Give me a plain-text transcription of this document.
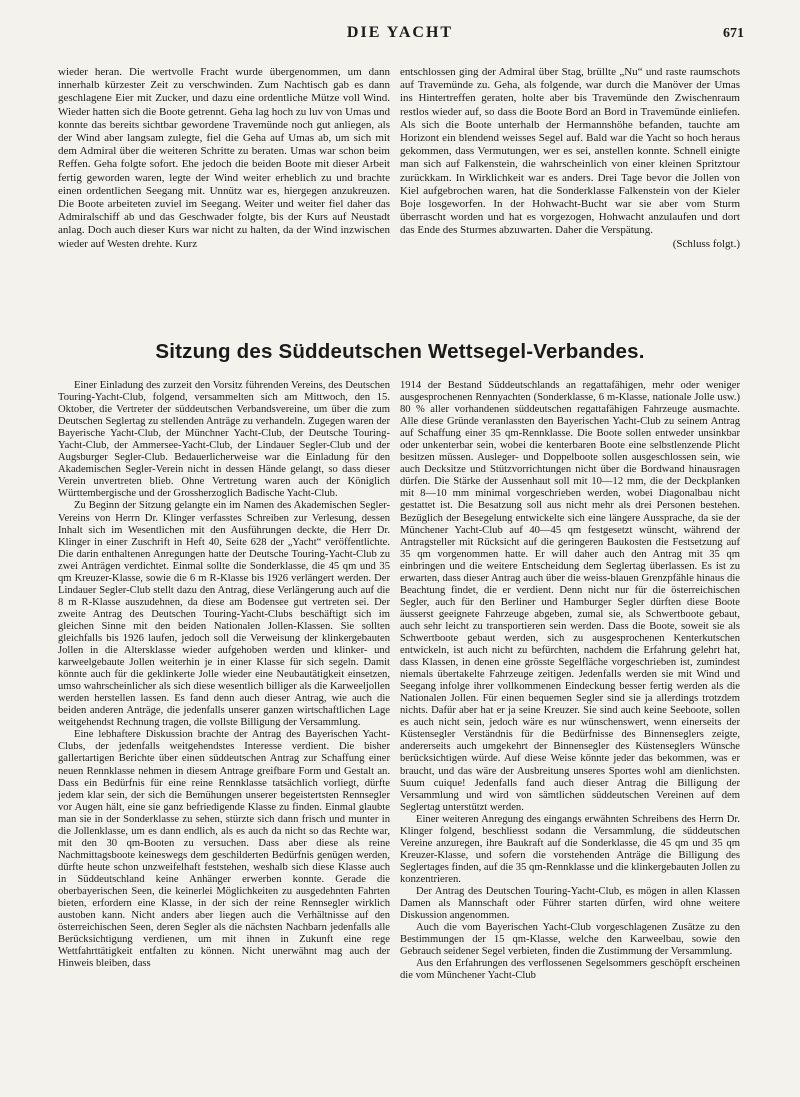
DIE YACHT	671

wieder heran. Die wertvolle Fracht wurde übergenommen, um dann innerhalb kürzester Zeit zu verschwinden. Zum Nachtisch gab es dann geschlagene Eier mit Zucker, und dazu eine ordentliche Mütze voll Wind. Wieder hatten sich die Boote getrennt. Geha lag hoch zu luv von Umas und konnte das bereits sichtbar gewordene Travemünde noch gut anliegen, als der Wind aber langsam zulegte, fiel die Geha auf Umas ab, um sich mit dem Admiral über die weiteren Schritte zu beraten. Umas war schon beim Reffen. Geha folgte sofort. Ehe jedoch die beiden Boote mit dieser Arbeit fertig geworden waren, legte der Wind weiter erheblich zu und brachte einen ordentlichen Seegang mit. Unnütz war es, hiergegen anzukreuzen. Die Boote arbeiteten zuviel im Seegang. Weiter und weiter fiel daher das Admiralschiff ab und das Geschwader folgte, bis der Kurs auf Neustadt anlag. Doch auch dieser Kurs war nicht zu halten, da der Wind inzwischen wieder auf Westen drehte. Kurz

entschlossen ging der Admiral über Stag, brüllte „Nu“ und raste raumschots auf Travemünde zu. Geha, als folgende, war durch die Manöver der Umas ins Hintertreffen geraten, holte aber bis Travemünde den Zwischenraum restlos wieder auf, so dass die Boote Bord an Bord in Travemünde einliefen. Als sich die Boote unterhalb der Hermannshöhe befanden, tauchte am Horizont ein blendend weisses Segel auf. Bald war die Yacht so hoch heraus gekommen, dass Vermutungen, wer es sei, anstellen konnte. Schnell einigte man sich auf Falkenstein, die wahrscheinlich von einer kleinen Spritztour zurückkam. In Wirklichkeit war es anders. Drei Tage bevor die Jollen von Kiel aufgebrochen waren, hat die Sonderklasse Falkenstein von der Kieler Boje losgeworfen. In der Hohwacht-Bucht war sie aber vom Sturm überrascht worden und hat es vorgezogen, Hohwacht anzulaufen und dort das Ende des Sturmes abzuwarten. Daher die Verspätung.

(Schluss folgt.)
Sitzung des Süddeutschen Wettsegel-Verbandes.

Einer Einladung des zurzeit den Vorsitz führenden Vereins, des Deutschen Touring-Yacht-Club, folgend, versammelten sich am Mittwoch, den 15. Oktober, die Vertreter der süddeutschen Verbandsvereine, um über die zum Deutschen Seglertag zu stellenden Anträge zu verhandeln. Zugegen waren der Bayerische Yacht-Club, der Münchner Yacht-Club, der Deutsche Touring-Yacht-Club, der Ammersee-Yacht-Club, der Lindauer Segler-Club und der Augsburger Segler-Club. Bedauerlicherweise war die Einladung für den Akademischen Segler-Verein nicht in dessen Hände gelangt, so dass dieser Verein unvertreten blieb. Ohne Vertretung waren auch der Königlich Württembergische und der Grossherzoglich Badische Yacht-Club.

Zu Beginn der Sitzung gelangte ein im Namen des Akademischen Segler-Vereins von Herrn Dr. Klinger verfasstes Schreiben zur Verlesung, dessen Inhalt sich im Wesentlichen mit den Ausführungen deckte, die Herr Dr. Klinger in einer Zuschrift in Heft 40, Seite 628 der „Yacht“ veröffentlichte. Die darin enthaltenen Anregungen hatte der Deutsche Touring-Yacht-Club zu zwei Anträgen verdichtet. Einmal sollte die Sonderklasse, die 45 qm und 35 qm Kreuzer-Klasse, sowie die 6 m R-Klasse bis 1926 verlängert werden. Der Lindauer Segler-Club stellt dazu den Antrag, diese Verlängerung auch auf die 8 m R-Klasse auszudehnen, da diese am Bodensee gut vertreten sei. Der zweite Antrag des Deutschen Touring-Yacht-Clubs beschäftigt sich im gleichen Sinne mit den beiden Nationalen Jollen-Klassen. Sie sollten gleichfalls bis 1926 laufen, jedoch soll die Verweisung der klinkergebauten Jollen in die Altersklasse wieder aufgehoben werden und klinker- und karweelgebaute Jollen weiterhin je in einer Klasse für sich segeln. Damit könnte auch für die geklinkerte Jolle wieder eine Neubautätigkeit einsetzen, umso wahrscheinlicher als sich diese wesentlich billiger als die Karweeljollen werden herstellen lassen. Es fand denn auch dieser Antrag, wie auch die beiden anderen Anträge, die jedenfalls unserer ganzen wirtschaftlichen Lage weitgehendst Rechnung tragen, die vollste Billigung der Versammlung.

Eine lebhaftere Diskussion brachte der Antrag des Bayerischen Yacht-Clubs, der jedenfalls weitgehendstes Interesse verdient. Die bisher gallertartigen Berichte über einen süddeutschen Antrag zur Schaffung einer neuen Rennklasse nehmen in diesem Antrage greifbare Form und Gestalt an. Dass ein Bedürfnis für eine reine Rennklasse tatsächlich vorliegt, dürfte jedem klar sein, der sich die Bemühungen unserer begeistertsten Rennsegler vor Augen hält, eine sie ganz befriedigende Klasse zu finden. Einmal glaubte man sie in der Sonderklasse zu sehen, stürzte sich dann frisch und munter in die Jollenklasse, um es dann endlich, als es auch da nicht so das Rechte war, mit den 30 qm-Booten zu versuchen. Dass aber diese als reine Nachmittagsboote keineswegs dem geschilderten Bedürfnis genügen werden, dürfte heute schon unzweifelhaft feststehen, weshalb sich diese Klasse auch in Süddeutschland keine Anhänger erwerben konnte. Gerade die oberbayerischen Seen, die keinerlei Möglichkeiten zu ausgedehnten Fahrten bieten, erfordern eine Klasse, in der sich der reine Rennsegler wirklich austoben kann. Nicht anders aber liegen auch die Verhältnisse auf den österreichischen Seen, deren Segler als die nächsten Nachbarn jedenfalls alle Berücksichtigung verdienen, um mit ihnen in Zukunft eine rege Wettfahrttätigkeit entfalten zu können. Nicht unerwähnt mag auch der Hinweis bleiben, dass

1914 der Bestand Süddeutschlands an regattafähigen, mehr oder weniger ausgesprochenen Rennyachten (Sonderklasse, 6 m-Klasse, nationale Jolle usw.) 80 % aller vorhandenen süddeutschen regattafähigen Fahrzeuge ausmachte. Alle diese Gründe veranlassten den Bayerischen Yacht-Club zu seinem Antrag auf Schaffung einer 35 qm-Rennklasse. Die Boote sollen entweder unsinkbar oder unkenterbar sein, wobei die kenterbaren Boote eine selbstlenzende Plicht besitzen müssen. Ausleger- und Doppelboote sollen ausgeschlossen sein, wie auch Decksitze und Stützvorrichtungen nicht über die Bordwand hinausragen dürfen. Die Stärke der Aussenhaut soll mit 10—12 mm, die der Deckplanken mit 8—10 mm minimal vorgeschrieben werden, wobei Diagonalbau nicht gestattet ist. Die Besatzung soll aus nicht mehr als drei Personen bestehen. Bezüglich der Besegelung entwickelte sich eine längere Aussprache, da sie der Münchener Yacht-Club auf 40—45 qm festgesetzt wünscht, während der Antragsteller mit Rücksicht auf die geringeren Baukosten die Festsetzung auf 35 qm vorgenommen hatte. Er will daher auch den Antrag mit 35 qm einbringen und die weitere Entscheidung dem Seglertag überlassen. Es ist zu erwarten, dass dieser Antrag auch über die weiss-blauen Grenzpfähle hinaus die Beachtung findet, die er verdient. Denn nicht nur für die österreichischen Segler, auch für den Berliner und Hamburger Segler dürften diese Boote äusserst geeignete Fahrzeuge abgeben, zumal sie, als Schwertboote gebaut, auch sehr leicht zu transportieren sein werden. Dass die Boote, soweit sie als Schwertboote gebaut werden, sich zu ausgesprochenen Kenterkutschen entwickeln, ist auch nicht zu befürchten, nachdem die Erfahrung gelehrt hat, dass Klassen, in denen eine grösste Segelfläche vorgeschrieben ist, zumindest niemals übertakelte Fahrzeuge zeitigen. Jedenfalls werden sie mit Wind und Seegang infolge ihrer vollkommenen Eindeckung besser fertig werden als die Nationalen Jollen. Für einen bequemen Segler sind sie ja allerdings trotzdem nichts. Dafür aber hat er ja seine Kreuzer. Sie sind auch keine Seeboote, sollen es auch nicht sein, jedoch wäre es nur wünschenswert, wenn einerseits der Küstensegler Verständnis für die Bedürfnisse des Binnenseglers zeigte, andererseits auch umgekehrt der Binnensegler des Küstenseglers Wünsche berücksichtigen würde. Auf diese Weise könnte jeder das bekommen, was er braucht, und das wäre der Ausbreitung unseres Sportes wohl am dienlichsten. Suum cuique! Jedenfalls fand auch dieser Antrag die Billigung der Versammlung und wird von sämtlichen süddeutschen Vereinen auf dem Seglertag unterstützt werden.

Einer weiteren Anregung des eingangs erwähnten Schreibens des Herrn Dr. Klinger folgend, beschliesst sodann die Versammlung, die süddeutschen Vereine anzuregen, ihre Baukraft auf die Sonderklasse, die 45 qm und 35 qm Kreuzer-Klasse, und sofern die vorstehenden Anträge die Billigung des Seglertages finden, auf die 35 qm-Rennklasse und die klinkergebauten Jollen zu konzentrieren.

Der Antrag des Deutschen Touring-Yacht-Club, es mögen in allen Klassen Damen als Mannschaft oder Führer starten dürfen, wird ohne weitere Diskussion angenommen.

Auch die vom Bayerischen Yacht-Club vorgeschlagenen Zusätze zu den Bestimmungen der 15 qm-Klasse, welche den Karweelbau, sowie den Gebrauch seidener Segel verbieten, finden die Zustimmung der Versammlung.

Aus den Erfahrungen des verflossenen Segelsommers geschöpft erscheinen die vom Münchener Yacht-Club
